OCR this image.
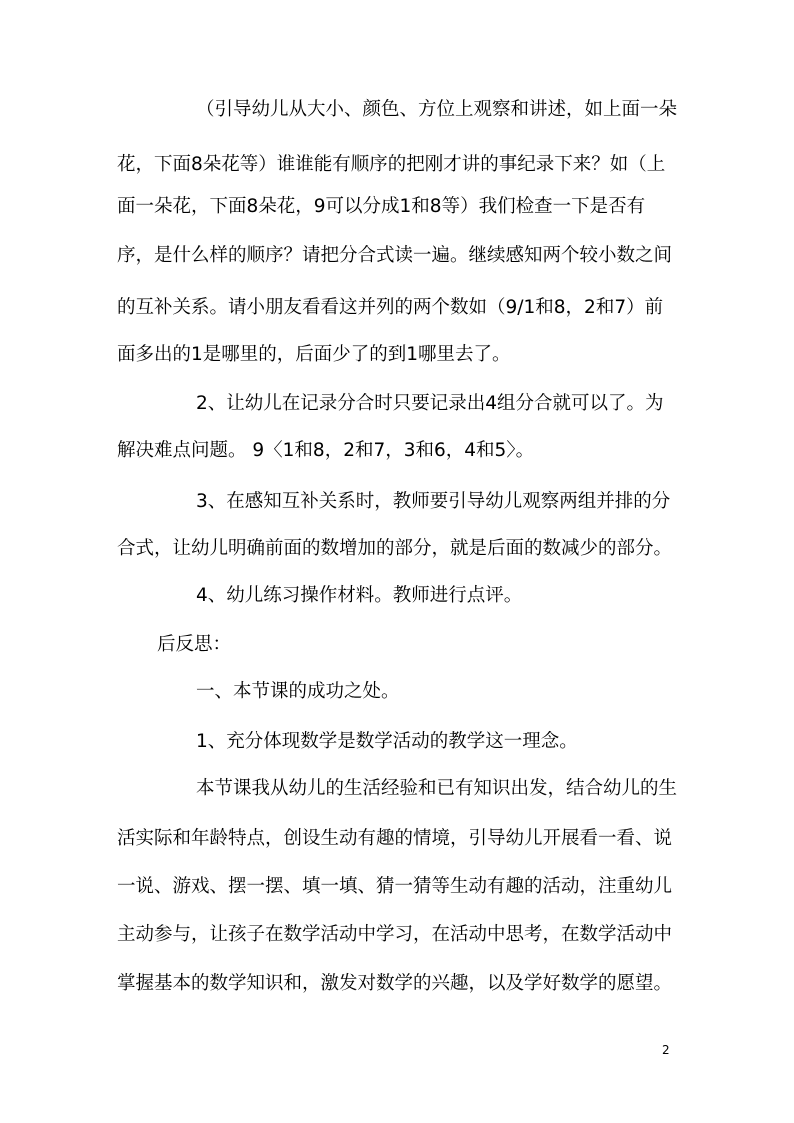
（引导幼儿从大小、颜色、方位上观察和讲述，如上面一朵
花，下面8朵花等）谁谁能有顺序的把刚才讲的事纪录下来？如（上
面一朵花，下面8朵花，9可以分成1和8等）我们检查一下是否有
序，是什么样的顺序？请把分合式读一遍。继续感知两个较小数之间
的互补关系。请小朋友看看这并列的两个数如（9/1和8，2和7）前
面多出的1是哪里的，后面少了的到1哪里去了。
2、让幼儿在记录分合时只要记录出4组分合就可以了。为
解决难点问题。 9〈1和8，2和7，3和6，4和5〉。
3、在感知互补关系时，教师要引导幼儿观察两组并排的分
合式，让幼儿明确前面的数增加的部分，就是后面的数减少的部分。
4、幼儿练习操作材料。教师进行点评。
后反思：
一、本节课的成功之处。
1、充分体现数学是数学活动的教学这一理念。
本节课我从幼儿的生活经验和已有知识出发，结合幼儿的生
活实际和年龄特点，创设生动有趣的情境，引导幼儿开展看一看、说
一说、游戏、摆一摆、填一填、猜一猜等生动有趣的活动，注重幼儿
主动参与，让孩子在数学活动中学习，在活动中思考，在数学活动中
掌握基本的数学知识和，激发对数学的兴趣，以及学好数学的愿望。
2
